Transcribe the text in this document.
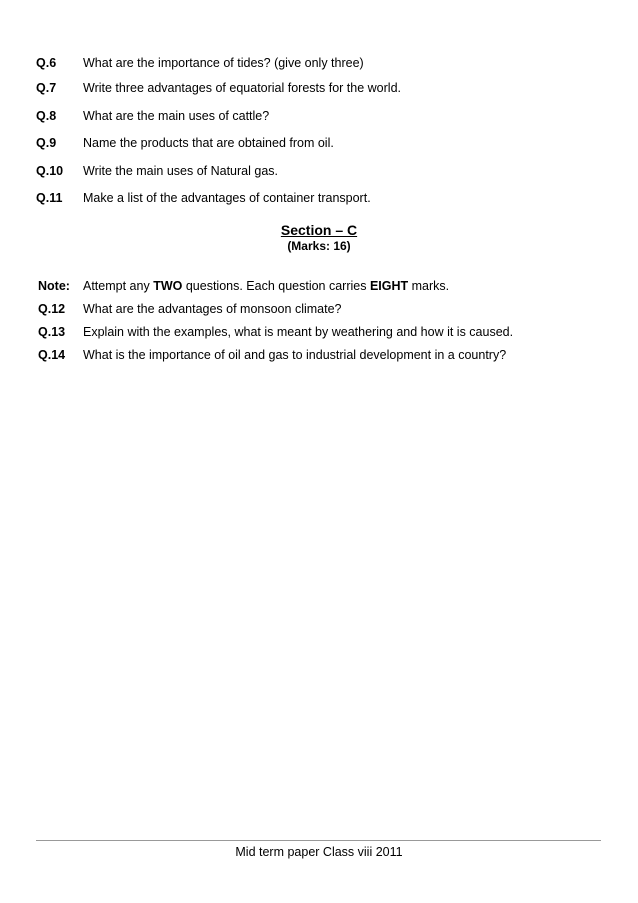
Q.6 What are the importance of tides? (give only three)
Q.7 Write three advantages of equatorial forests for the world.
Q.8 What are the main uses of cattle?
Q.9 Name the products that are obtained from oil.
Q.10 Write the main uses of Natural gas.
Q.11 Make a list of the advantages of container transport.
Section – C
(Marks: 16)
Note: Attempt any TWO questions. Each question carries EIGHT marks.
Q.12 What are the advantages of monsoon climate?
Q.13 Explain with the examples, what is meant by weathering and how it is caused.
Q.14 What is the importance of oil and gas to industrial development in a country?
Mid term paper Class viii 2011
